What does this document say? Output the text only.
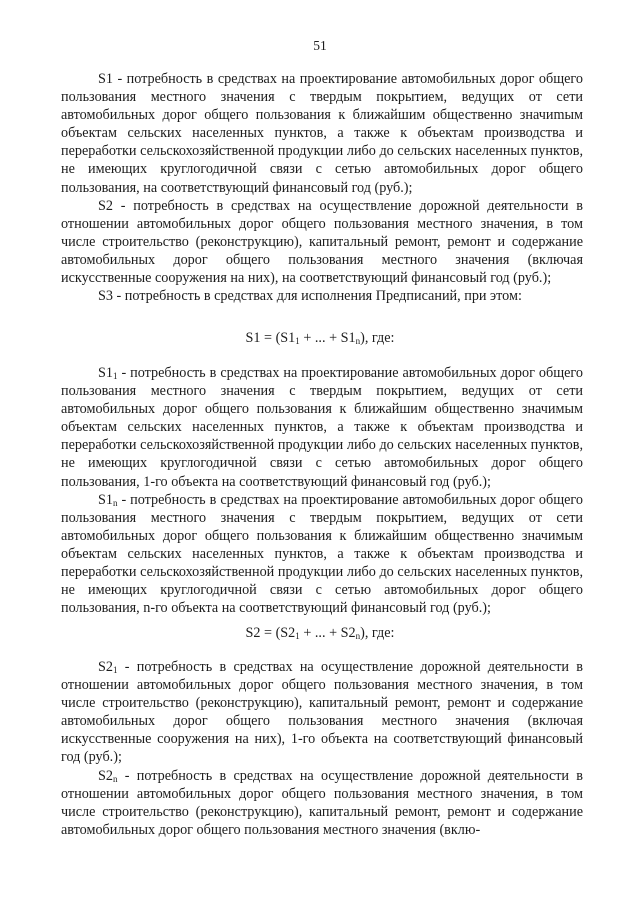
51

S1 - потребность в средствах на проектирование автомобильных дорог общего пользования местного значения с твердым покрытием, ведущих от сети автомобильных дорог общего пользования к ближайшим общественно значиmым объектам сельских населенных пунктов, а также к объектам производства и переработки сельскохозяйственной продукции либо до сельских населенных пунктов, не имеющих круглогодичной связи с сетью автомобильных дорог общего пользования, на соответствующий финансовый год (руб.);

S2 - потребность в средствах на осуществление дорожной деятельности в отношении автомобильных дорог общего пользования местного значения, в том числе строительство (реконструкцию), капитальный ремонт, ремонт и содержание автомобильных дорог общего пользования местного значения (включая искусственные сооружения на них), на соответствующий финансовый год (руб.);

S3 - потребность в средствах для исполнения Предписаний, при этом:

$S1 = (S1_1$ + ... + $S1_n$), где:

$S1_1$ - потребность в средствах на проектирование автомобильных дорог общего пользования местного значения с твердым покрытием, ведущих от сети автомобильных дорог общего пользования к ближайшим общественно значимым объектам сельских населенных пунктов, а также к объектам производства и переработки сельскохозяйственной продукции либо до сельских населенных пунктов, не имеющих круглогодичной связи с сетью автомобильных дорог общего пользования, 1-го объекта на соответствующий финансовый год (руб.);

$S1_n$ - потребность в средствах на проектирование автомобильных дорог общего пользования местного значения с твердым покрытием, ведущих от сети автомобильных дорог общего пользования к ближайшим общественно значимым объектам сельских населенных пунктов, а также к объектам производства и переработки сельскохозяйственной продукции либо до сельских населенных пунктов, не имеющих круглогодичной связи с сетью автомобильных дорог общего пользования, n-го объекта на соответствующий финансовый год (руб.);

$S2 = (S2_1$ + ... + $S2_n$), где:

$S2_1$ - потребность в средствах на осуществление дорожной деятельности в отношении автомобильных дорог общего пользования местного значения, в том числе строительство (реконструкцию), капитальный ремонт, ремонт и содержание автомобильных дорог общего пользования местного значения (включая искусственные сооружения на них), 1-го объекта на соответствующий финансовый год (руб.);

$S2_n$ - потребность в средствах на осуществление дорожной деятельности в отношении автомобильных дорог общего пользования местного значения, в том числе строительство (реконструкцию), капитальный ремонт, ремонт и содержание автомобильных дорог общего пользования местного значения (вклю-
